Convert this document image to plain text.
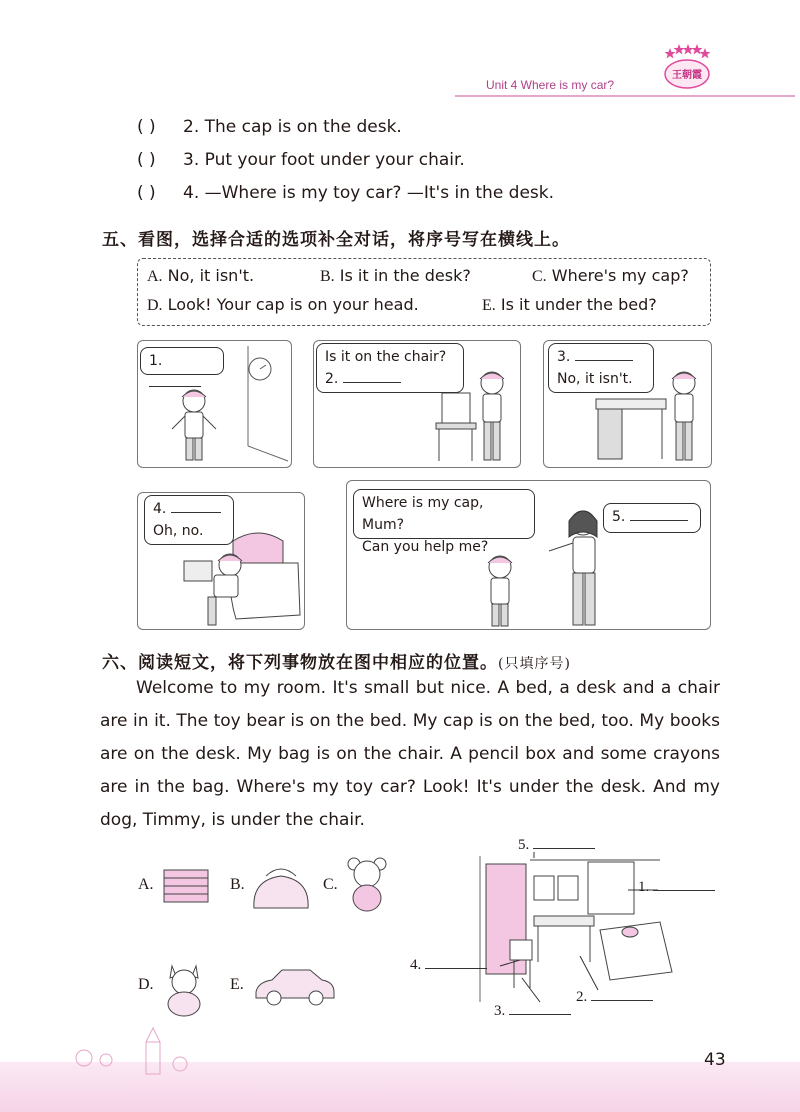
王朝霞
Unit 4 Where is my car?
( ) 2. The cap is on the desk.
( ) 3. Put your foot under your chair.
( ) 4. —Where is my toy car? —It's in the desk.
五、看图，选择合适的选项补全对话，将序号写在横线上。
A. No, it isn't.	B. Is it in the desk?	C. Where's my cap?
D. Look! Your cap is on your head.	E. Is it under the bed?
1.	Is it on the chair?
2.
3.
No, it isn't.
4.
Oh, no.
Where is my cap, Mum?
Can you help me?
5.
六、阅读短文，将下列事物放在图中相应的位置。(只填序号)
Welcome to my room. It's small but nice. A bed, a desk and a chair are in it. The toy bear is on the bed. My cap is on the bed, too. My books are on the desk. My bag is on the chair. A pencil box and some crayons are in the bag. Where's my toy car? Look! It's under the desk. And my dog, Timmy, is under the chair.
A.	B.	C.
D.	E.
5.
1.
4.
2.
3.
43
